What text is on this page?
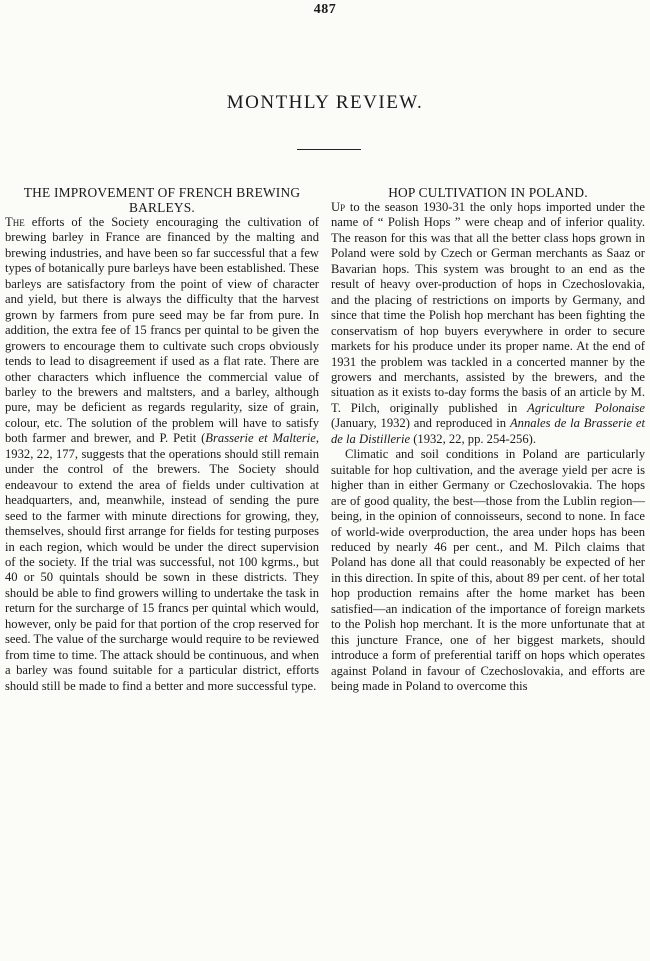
487
MONTHLY REVIEW.
THE IMPROVEMENT OF FRENCH BREWING BARLEYS.

The efforts of the Society encouraging the cultivation of brewing barley in France are financed by the malting and brewing industries, and have been so far successful that a few types of botanically pure barleys have been established. These barleys are satisfactory from the point of view of character and yield, but there is always the difficulty that the harvest grown by farmers from pure seed may be far from pure. In addition, the extra fee of 15 francs per quintal to be given the growers to encourage them to cultivate such crops obviously tends to lead to disagreement if used as a flat rate. There are other characters which influence the commercial value of barley to the brewers and maltsters, and a barley, although pure, may be deficient as regards regularity, size of grain, colour, etc. The solution of the problem will have to satisfy both farmer and brewer, and P. Petit (Brasserie et Malterie, 1932, 22, 177, suggests that the operations should still remain under the control of the brewers. The Society should endeavour to extend the area of fields under cultivation at headquarters, and, meanwhile, instead of sending the pure seed to the farmer with minute directions for growing, they, themselves, should first arrange for fields for testing purposes in each region, which would be under the direct supervision of the society. If the trial was successful, not 100 kgrms., but 40 or 50 quintals should be sown in these districts. They should be able to find growers willing to undertake the task in return for the surcharge of 15 francs per quintal which would, however, only be paid for that portion of the crop reserved for seed. The value of the surcharge would require to be reviewed from time to time. The attack should be continuous, and when a barley was found suitable for a particular district, efforts should still be made to find a better and more successful type.

HOP CULTIVATION IN POLAND.

Up to the season 1930-31 the only hops imported under the name of “ Polish Hops ” were cheap and of inferior quality. The reason for this was that all the better class hops grown in Poland were sold by Czech or German merchants as Saaz or Bavarian hops. This system was brought to an end as the result of heavy over-production of hops in Czechoslovakia, and the placing of restrictions on imports by Germany, and since that time the Polish hop merchant has been fighting the conservatism of hop buyers everywhere in order to secure markets for his produce under its proper name. At the end of 1931 the problem was tackled in a concerted manner by the growers and merchants, assisted by the brewers, and the situation as it exists to-day forms the basis of an article by M. T. Pilch, originally published in Agriculture Polonaise (January, 1932) and reproduced in Annales de la Brasserie et de la Distillerie (1932, 22, pp. 254-256).

Climatic and soil conditions in Poland are particularly suitable for hop cultivation, and the average yield per acre is higher than in either Germany or Czechoslovakia. The hops are of good quality, the best—those from the Lublin region—being, in the opinion of connoisseurs, second to none. In face of world-wide overproduction, the area under hops has been reduced by nearly 46 per cent., and M. Pilch claims that Poland has done all that could reasonably be expected of her in this direction. In spite of this, about 89 per cent. of her total hop production remains after the home market has been satisfied—an indication of the importance of foreign markets to the Polish hop merchant. It is the more unfortunate that at this juncture France, one of her biggest markets, should introduce a form of preferential tariff on hops which operates against Poland in favour of Czechoslovakia, and efforts are being made in Poland to overcome this
